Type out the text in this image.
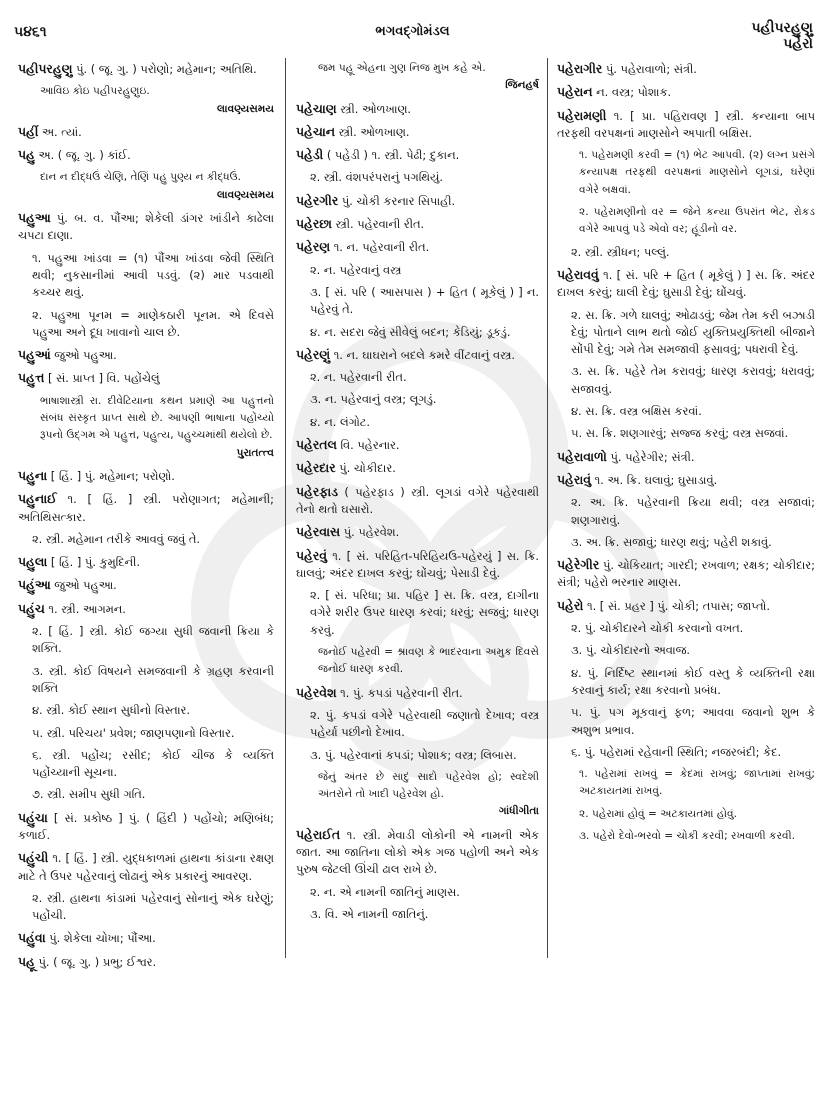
૫૪૬૧	ભગવદ્ગોમંડલ	પહીપરહુણુ
પહેરો
પહીપરહુણુ પું. ( જૂ. ગુ. ) પરોણો; મહેમાન; અતિથિ.
આવિઇ કોઇ પહીપરહુણુઇ.
લાવણ્યસમય
પહીં અ. ત્યાં.
પહુ અ. ( જૂ. ગુ. ) કાંઈ.
દાન ન દીદ્ધઉં ચેણિ, તેણિં પહુ પુણ્ય ન કીદ્ધઉં.
લાવણ્યસમય
પહુઆ પું. બ. વ. પૌંઆ; શેકેલી ડાંગર ખાંડીને કાઢેલા ચપટા દાણા.
૧. પહુઆ ખાંડવા = (૧) પૌંઆ ખાંડવા જેવી સ્થિતિ થવી; નુકસાનીમાં આવી પડવું. (૨) માર પડવાથી કચ્ચર થવું.
૨. પહુઆ પૂનમ = માણેકઠારી પૂનમ. એ દિવસે પહુઆ અને દૂધ ખાવાનો ચાલ છે.
પહુઆં જુઓ પહુઆ.
પહુત્ત [ સં. પ્રાપ્ત ] વિ. પહોંચેલું
ભાષાશાસ્ત્રી રા. દીવેટિયાના કથન પ્રમાણે આ પહુત્તનો સંબંધ સંસ્કૃત પ્રાપ્ત સાથે છે. આપણી ભાષાના પહોંચ્યો રૂપનો ઉદ્ગમ એ પહુત્ત, પહુત્ય, પહુચ્ચમાંથી થયેલો છે.
પુરાતત્ત્વ
પહુના [ હિં. ] પું. મહેમાન; પરોણો.
પહુનાઈ ૧. [ હિં. ] સ્ત્રી. પરોણાગત; મહેમાની; અતિથિસત્કાર.
૨. સ્ત્રી. મહેમાન તરીકે આવવું જવું તે.
પહુલા [ હિં. ] પું. કુમુદિની.
પહુંઆ જુઓ પહુઆ.
પહુંચ ૧. સ્ત્રી. આગમન.
૨. [ હિં. ] સ્ત્રી. કોઈ જગ્યા સુધી જવાની ક્રિયા કે શક્તિ.
૩. સ્ત્રી. કોઈ વિષયને સમજવાની કે ગ્રહણ કરવાની શક્તિ
૪. સ્ત્રી. કોઈ સ્થાન સુધીનો વિસ્તાર.
૫. સ્ત્રી. પરિચય' પ્રવેશ; જાણપણાનો વિસ્તાર.
૬. સ્ત્રી. પહોંચ; રસીદ; કોઈ ચીજ કે વ્યક્તિ પહોંચ્યાની સૂચના.
૭. સ્ત્રી. સમીપ સુધી ગતિ.
પહુંચા [ સં. પ્રકોષ્ઠ ] પું. ( હિંદી ) પહોંચો; મણિબંધ; કળાઈ.
પહુંચી ૧. [ હિં. ] સ્ત્રી. યુદ્ધકાળમાં હાથના કાંડાના રક્ષણ માટે તે ઉપર પહેરવાનું લોઢાનું એક પ્રકારનું આવરણ.
૨. સ્ત્રી. હાથના કાંડામાં પહેરવાનું સોનાનું એક ઘરેણું; પહોંચી.
પહુંવા પું. શેકેલા ચોખા; પૌંઆ.
પહૂ પું. ( જૂ. ગુ. ) પ્રભુ; ઈશ્વર.
જમ પહૂ એહના ગુણ નિજ મુખ કહે એ.
જિનહર્ષ
પહેચાણ સ્ત્રી. ઓળખાણ.
પહેચાન સ્ત્રી. ઓળખાણ.
પહેડી ( પહેડી ) ૧. સ્ત્રી. પેઢી; દુકાન.
૨. સ્ત્રી. વંશપરંપરાનું પગથિયું.
પહેરગીર પું. ચોકી કરનાર સિપાહી.
પહેરછા સ્ત્રી. પહેરવાની રીત.
પહેરણ ૧. ન. પહેરવાની રીત.
૨. ન. પહેરવાનું વસ્ત્ર
૩. [ સં. પરિ ( આસપાસ ) + હિત ( મૂકેલું ) ] ન. પહેરવું તે.
૪. ન. સદરા જેવું સીવેલું બદન; કેડિયું; ડૂકડું.
પહેરણું ૧. ન. ઘાઘરાને બદલે કમરે વીંટવાનું વસ્ત્ર.
૨. ન. પહેરવાની રીત.
૩. ન. પહેરવાનું વસ્ત્ર; લૂગડું.
૪. ન. લંગોટ.
પહેરતલ વિ. પહેરનાર.
પહેરદાર પું. ચોકીદાર.
પહેરફાડ ( પહેરફાડ ) સ્ત્રી. લૂગડાં વગેરે પહેરવાથી તેનો થતો ઘસારો.
પહેરવાસ પું. પહેરવેશ.
પહેરવું ૧. [ સં. પરિહિત-પરિહિયઉ-પહેરયું ] સ. ક્રિ. ઘાલવું; અંદર દાખલ કરવું; ઘોંચવું; પેસાડી દેવું.
૨. [ સં. પરિધા; પ્રા. પહિર ] સ. ક્રિ. વસ્ત્ર, દાગીના વગેરે શરીર ઉપર ધારણ કરવાં; ધરવું; સજવું; ધારણ કરવું.
જનોઈ પહેરવી = શ્રાવણ કે ભાદરવાના અમુક દિવસે જનોઈ ધારણ કરવી.
પહેરવેશ ૧. પું. કપડાં પહેરવાની રીત.
૨. પું. કપડાં વગેરે પહેરવાથી જણાતો દેખાવ; વસ્ત્ર પહેર્યા પછીનો દેખાવ.
૩. પું. પહેરવાનાં કપડાં; પોશાક; વસ્ત્ર; લિબાસ.
જેનું અંતર છે સાદું સાદો પહેરવેશ હો; સ્વદેશી અંતરોને તો ખાદી પહેરવેશ હો.
ગાંધીગીતા
પહેરાઈત ૧. સ્ત્રી. મેવાડી લોકોની એ નામની એક જાત. આ જાતિના લોકો એક ગજ પહોળી અને એક પુરુષ જેટલી ઊંચી ઢાલ રાખે છે.
૨. ન. એ નામની જાતિનું માણસ.
૩. વિ. એ નામની જાતિનું.
પહેરાગીર પું. પહેરાવાળો; સંત્રી.
પહેરાન ન. વસ્ત્ર; પોશાક.
પહેરામણી ૧. [ પ્રા. પહિરાવણ ] સ્ત્રી. કન્યાના બાપ તરફથી વરપક્ષનાં માણસોને અપાતી બક્ષિસ.
૧. પહેરામણી કરવી = (૧) ભેટ આપવી. (૨) લગ્ન પ્રસંગે કન્યાપક્ષ તરફથી વરપક્ષનાં માણસોને લૂગડાં, ઘરેણાં વગેરે બક્ષવાં.
૨. પહેરામણીનો વર = જેને કન્યા ઉપરાંત ભેટ, રોકડ વગેરે આપવું પડે એવો વર; હૂંડીનો વર.
૨. સ્ત્રી. સ્ત્રીધન; પલ્લું.
પહેરાવવું ૧. [ સં. પરિ + હિત ( મૂકેલું ) ] સ. ક્રિ. અંદર દાખલ કરવું; ઘાલી દેવું; ઘુસાડી દેવું; ઘોંચવું.
૨. સ. ક્રિ. ગળે ઘાલવું; ઓઢાડવું; જેમ તેમ કરી બઝાડી દેવું; પોતાને લાભ થતો જોઈ યુક્તિપ્રયુક્તિથી બીજાને સોંપી દેવું; ગમે તેમ સમજાવી ફસાવવું; પધરાવી દેવું.
૩. સ. ક્રિ. પહેરે તેમ કરાવવું; ધારણ કરાવવું; ધરાવવું; સજાવવું.
૪. સ. ક્રિ. વસ્ત્ર બક્ષિસ કરવાં.
૫. સ. ક્રિ. શણગારવું; સજ્જ કરવું; વસ્ત્ર સજવાં.
પહેરાવાળો પું. પહેરેગીર; સંત્રી.
પહેરાવું ૧. અ. ક્રિ. ઘલાવું; ઘુસાડાવું.
૨. અ. ક્રિ. પહેરવાની ક્રિયા થવી; વસ્ત્ર સજાવાં; શણગારાવું.
૩. અ. ક્રિ. સજાવું; ધારણ થવું; પહેરી શકાવું.
પહેરેગીર પું. ચોકિયાત; ગારદી; રખવાળ; રક્ષક; ચોકીદાર; સંત્રી; પહેરો ભરનાર માણસ.
પહેરો ૧. [ સં. પ્રહર ] પું. ચોકી; તપાસ; જાપ્તો.
૨. પું. ચોકીદારને ચોકી કરવાનો વખત.
૩. પું. ચોકીદારનો અવાજ.
૪. પું. નિર્દિષ્ટ સ્થાનમાં કોઈ વસ્તુ કે વ્યક્તિની રક્ષા કરવાનું કાર્ય; રક્ષા કરવાનો પ્રબંધ.
૫. પું. પગ મૂકવાનું ફળ; આવવા જવાનો શુભ કે અશુભ પ્રભાવ.
૬. પું. પહેરામાં રહેવાની સ્થિતિ; નજરબંદી; કેદ.
૧. પહેરામાં રાખવું = કેદમાં રાખવું; જાપ્તામાં રાખવું; અટકાયતમાં રાખવું.
૨. પહેરામાં હોવું = અટકાયતમાં હોવું.
૩. પહેરો દેવો-ભરવો = ચોકી કરવી; રખવાળી કરવી.
